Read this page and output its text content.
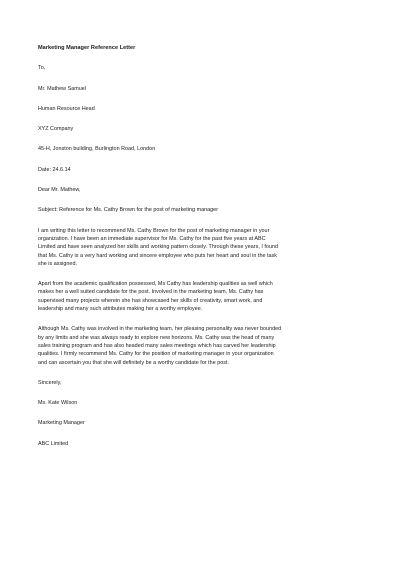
Marketing Manager Reference Letter
To,
Mr. Mathew Samuel
Human Resource Head
XYZ Company
45-H, Jonston building, Burlington Road, London
Date: 24.6.14
Dear Mr. Mathew,
Subject: Reference for Ms. Cathy Brown for the post of marketing manager
I am writing this letter to recommend Ms. Cathy Brown for the post of marketing manager in your
organization. I have been an immediate supervisor for Ms. Cathy for the past five years at ABC
Limited and have seen analyzed her skills and working pattern closely. Through these years, I found
that Ms. Cathy is a very hard working and sincere employee who puts her heart and soul in the task
she is assigned.
Apart from the academic qualification possessed, Ms Cathy has leadership qualities as well which
makes her a well suited candidate for the post. Involved in the marketing team, Ms. Cathy has
supervised many projects wherein she has showcased her skills of creativity, smart work, and
leadership and many such attributes making her a worthy employee.
Although Ms. Cathy was involved in the marketing team, her pleasing personality was never bounded
by any limits and she was always ready to explore new horizons. Ms. Cathy was the head of many
sales training program and has also headed many sales meetings which has carved her leadership
qualities. I firmly recommend Ms. Cathy for the position of marketing manager in your organization
and can ascertain you that she will definitely be a worthy candidate for the post.
Sincerely,
Ms. Kate Wilson
Marketing Manager
ABC Limited
